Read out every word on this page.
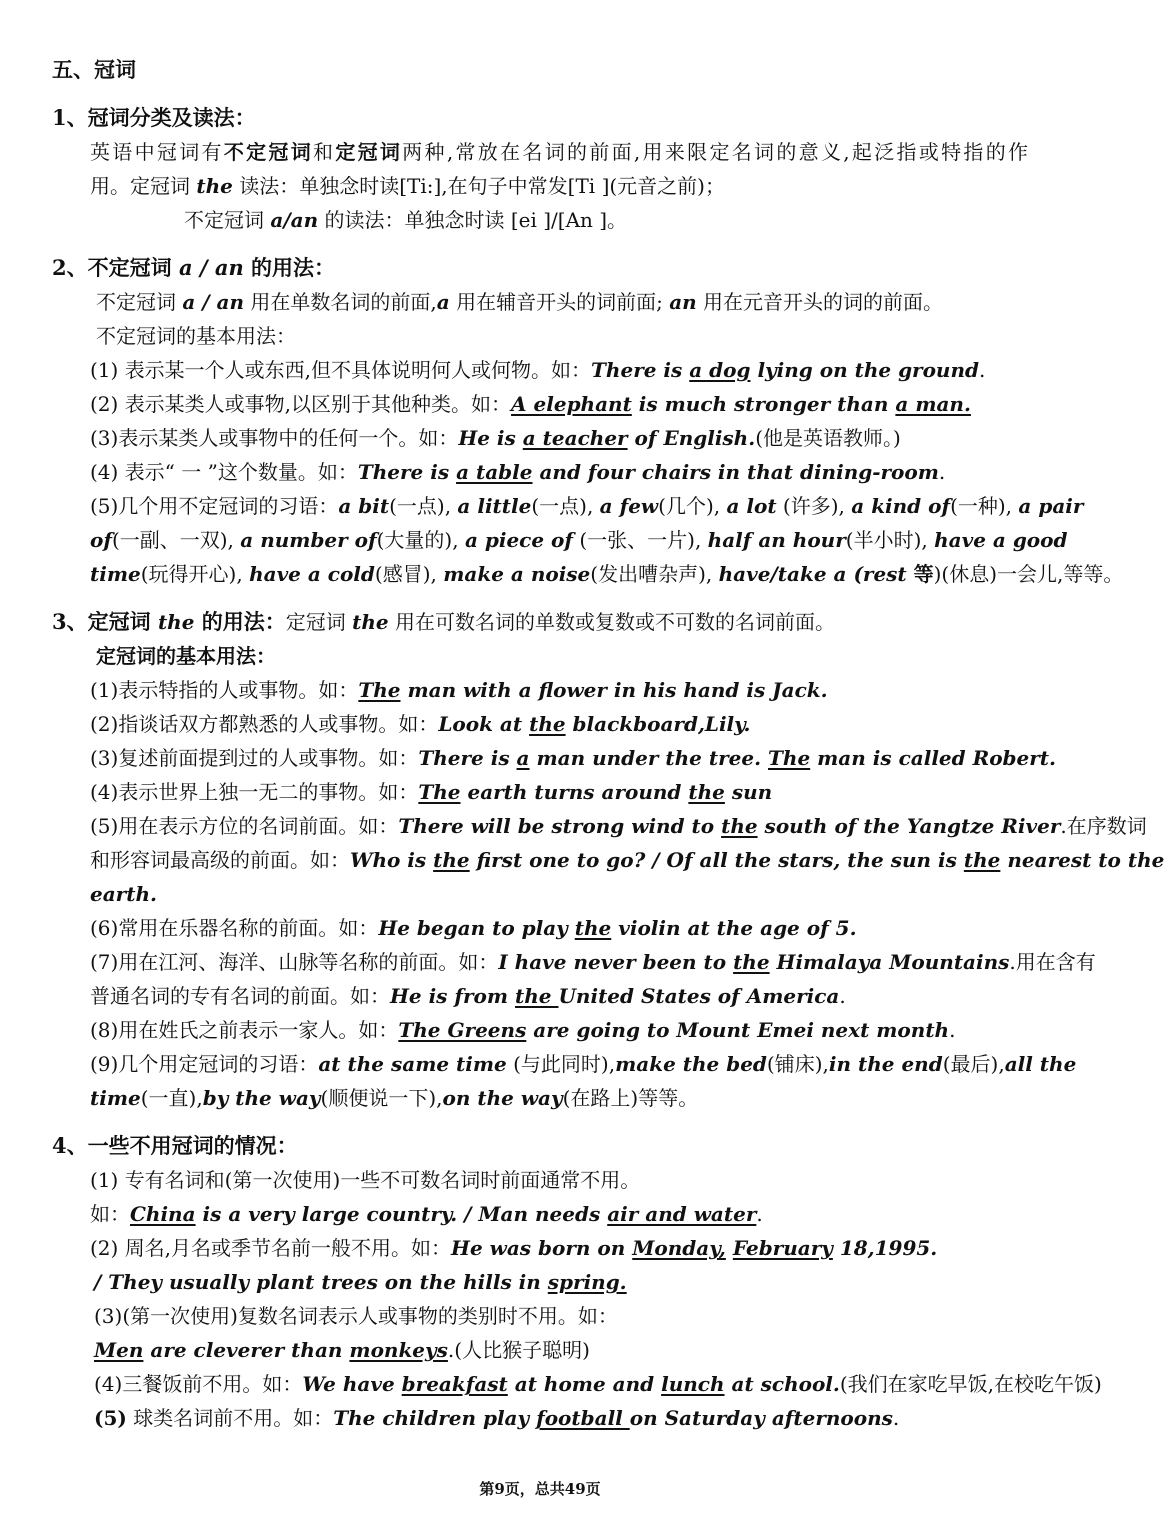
五、冠词
1、冠词分类及读法：
英语中冠词有不定冠词和定冠词两种,常放在名词的前面,用来限定名词的意义,起泛指或特指的作
用。定冠词 the 读法：单独念时读[Ti:],在句子中常发[Ti ](元音之前)；
不定冠词 a/an 的读法：单独念时读 [ei ]/[An ]。
2、不定冠词 a / an 的用法：
不定冠词 a / an 用在单数名词的前面,a 用在辅音开头的词前面; an 用在元音开头的词的前面。
不定冠词的基本用法：
(1) 表示某一个人或东西,但不具体说明何人或何物。如：There is a dog lying on the ground.
(2) 表示某类人或事物,以区别于其他种类。如：A elephant is much stronger than a man.
(3)表示某类人或事物中的任何一个。如：He is a teacher of English.(他是英语教师。)
(4) 表示“ 一 ”这个数量。如：There is a table and four chairs in that dining-room.
(5)几个用不定冠词的习语：a bit(一点), a little(一点), a few(几个), a lot (许多), a kind of(一种), a pair
of(一副、一双), a number of(大量的), a piece of (一张、一片), half an hour(半小时), have a good
time(玩得开心), have a cold(感冒), make a noise(发出嘈杂声), have/take a (rest 等)(休息)一会儿,等等。
3、定冠词 the 的用法：定冠词 the 用在可数名词的单数或复数或不可数的名词前面。
定冠词的基本用法：
(1)表示特指的人或事物。如：The man with a flower in his hand is Jack.
(2)指谈话双方都熟悉的人或事物。如：Look at the blackboard,Lily.
(3)复述前面提到过的人或事物。如：There is a man under the tree. The man is called Robert.
(4)表示世界上独一无二的事物。如：The earth turns around the sun
(5)用在表示方位的名词前面。如：There will be strong wind to the south of the Yangtze River.在序数词
和形容词最高级的前面。如：Who is the first one to go? / Of all the stars, the sun is the nearest to the
earth.
(6)常用在乐器名称的前面。如：He began to play the violin at the age of 5.
(7)用在江河、海洋、山脉等名称的前面。如：I have never been to the Himalaya Mountains.用在含有
普通名词的专有名词的前面。如：He is from the United States of America.
(8)用在姓氏之前表示一家人。如：The Greens are going to Mount Emei next month.
(9)几个用定冠词的习语：at the same time (与此同时),make the bed(铺床),in the end(最后),all the
time(一直),by the way(顺便说一下),on the way(在路上)等等。
4、一些不用冠词的情况：
(1) 专有名词和(第一次使用)一些不可数名词时前面通常不用。
如：China is a very large country. / Man needs air and water.
(2) 周名,月名或季节名前一般不用。如：He was born on Monday, February 18,1995.
/ They usually plant trees on the hills in spring.
(3)(第一次使用)复数名词表示人或事物的类别时不用。如：
Men are cleverer than monkeys.(人比猴子聪明)
(4)三餐饭前不用。如：We have breakfast at home and lunch at school.(我们在家吃早饭,在校吃午饭)
(5) 球类名词前不用。如：The children play football on Saturday afternoons.
第9页，总共49页
